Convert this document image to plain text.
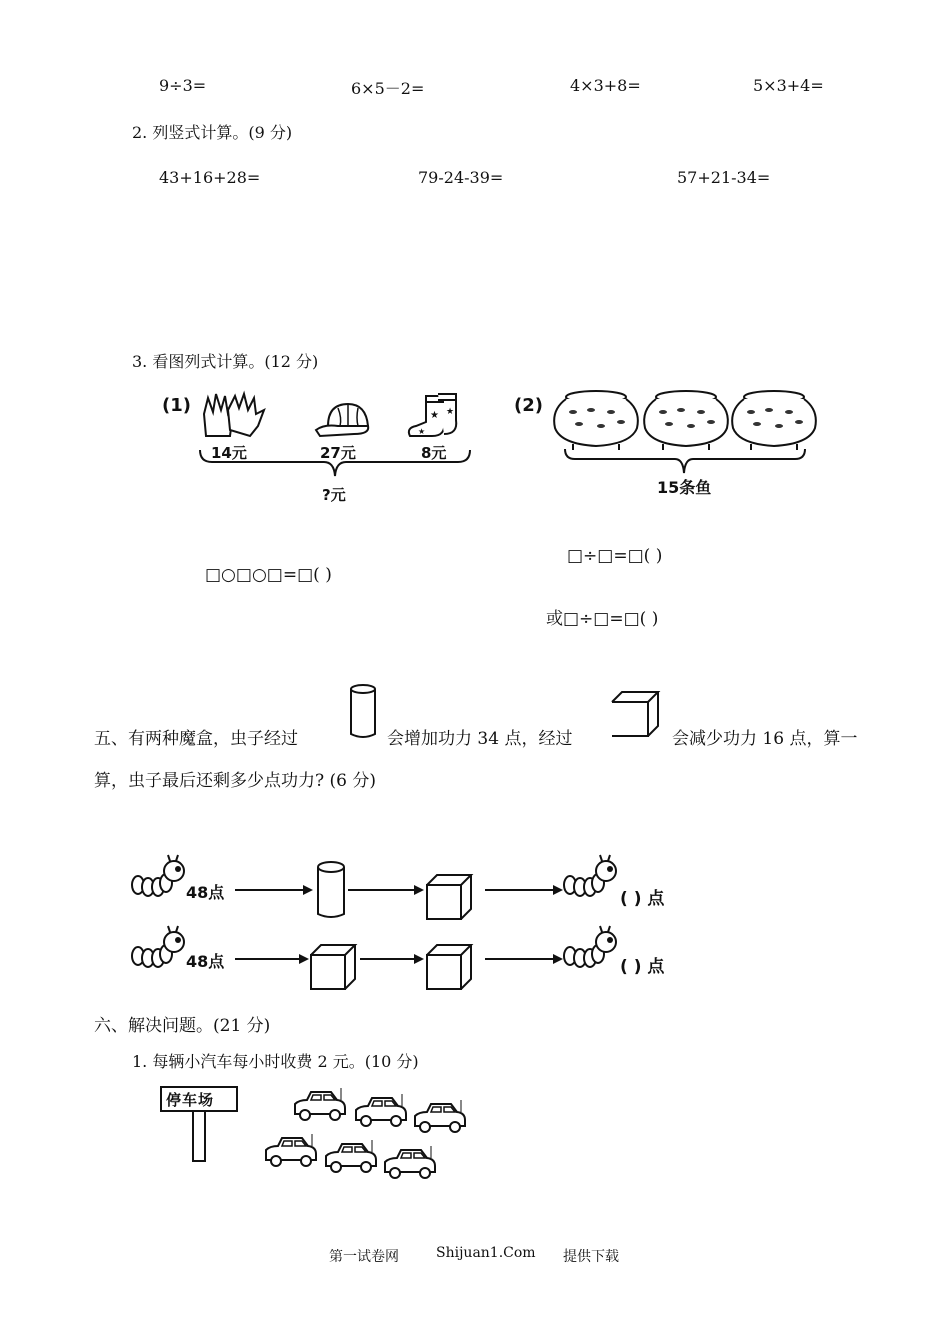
9÷3=	6×5－2=	4×3+8=	5×3+4=
2. 列竖式计算。(9 分)
43+16+28=	79-24-39=	57+21-34=
3. 看图列式计算。(12 分)
(1)	★ ★
★
14元	27元	8元
?元
□○□○□=□( )
(2)
15条鱼
□÷□=□( )
或□÷□=□( )
五、有两种魔盒，虫子经过	会增加功力 34 点，经过	会减少功力 16 点，算一
算，虫子最后还剩多少点功力? (6 分)
48点	( ) 点
48点	( ) 点
六、解决问题。(21 分)
1. 每辆小汽车每小时收费 2 元。(10 分)
停车场
第一试卷网	Shijuan1.Com 提供下载
